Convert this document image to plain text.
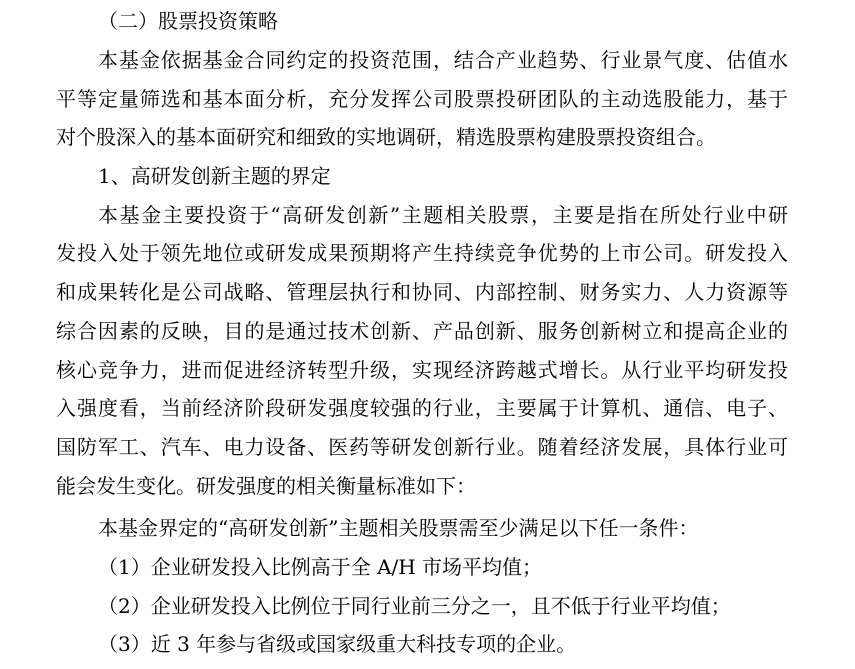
（二）股票投资策略
本基金依据基金合同约定的投资范围，结合产业趋势、行业景气度、估值水
平等定量筛选和基本面分析，充分发挥公司股票投研团队的主动选股能力，基于
对个股深入的基本面研究和细致的实地调研，精选股票构建股票投资组合。
1、高研发创新主题的界定
本基金主要投资于“高研发创新”主题相关股票，主要是指在所处行业中研
发投入处于领先地位或研发成果预期将产生持续竞争优势的上市公司。研发投入
和成果转化是公司战略、管理层执行和协同、内部控制、财务实力、人力资源等
综合因素的反映，目的是通过技术创新、产品创新、服务创新树立和提高企业的
核心竞争力，进而促进经济转型升级，实现经济跨越式增长。从行业平均研发投
入强度看，当前经济阶段研发强度较强的行业，主要属于计算机、通信、电子、
国防军工、汽车、电力设备、医药等研发创新行业。随着经济发展，具体行业可
能会发生变化。研发强度的相关衡量标准如下：
本基金界定的“高研发创新”主题相关股票需至少满足以下任一条件：
（1）企业研发投入比例高于全 A/H 市场平均值；
（2）企业研发投入比例位于同行业前三分之一，且不低于行业平均值；
（3）近 3 年参与省级或国家级重大科技专项的企业。
